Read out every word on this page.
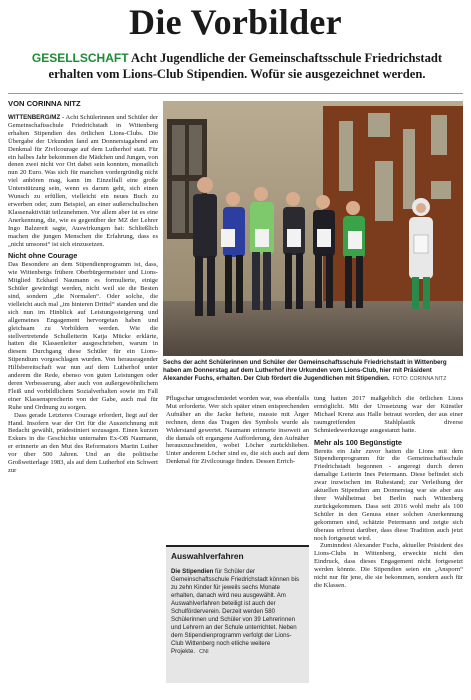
Die Vorbilder

GESELLSCHAFT Acht Jugendliche der Gemeinschaftsschule Friedrichstadt erhalten vom Lions-Club Stipendien. Wofür sie ausgezeichnet werden.

VON CORINNA NITZ

WITTENBERG/MZ - Acht Schülerinnen und Schüler der Gemeinschaftsschule Friedrichstadt in Wittenberg erhalten Stipendien des örtlichen Lions-Clubs. Die Übergabe der Urkunden fand am Donnerstagabend am Denkmal für Zivilcourage auf dem Lutherhof statt. Für ein halbes Jahr bekommen die Mädchen und Jungen, von denen zwei nicht vor Ort dabei sein konnten, monatlich nun 20 Euro. Was sich für manchen vordergründig nicht viel anhören mag, kann im Einzelfall eine große Unterstützung sein, wenn es darum geht, sich einen Wunsch zu erfüllen, vielleicht ein neues Buch zu erwerben oder, zum Beispiel, an einer außerschulischen Klassenaktivität teilzunehmen. Vor allem aber ist es eine Anerkennung, die, wie es gegenüber der MZ der Lehrer Ingo Balzereit sagte, Auswirkungen hat: Schließlich machen die jungen Menschen die Erfahrung, dass es „nicht umsonst“ ist sich einzusetzen.

Nicht ohne Courage

Das Besondere an dem Stipendienprogramm ist, dass, wie Wittenbergs frühere Oberbürgermeister und Lions-Mitglied Eckhard Naumann es formulierte, einige Schüler gewürdigt werden, nicht weil sie die Besten sind, sondern „die Normalen“. Oder solche, die vielleicht auch mal „im hinteren Drittel“ standen und die sich nun im Hinblick auf Leistungssteigerung und allgemeines Engagement hervorgetan haben und gleichsam zu Vorbildern werden. Wie die stellvertretende Schulleiterin Katja Mücke erklärte, hatten die Klassenleiter ausgeschrieben, warum in diesem Durchgang diese Schüler für ein Lions-Stipendium vorgeschlagen wurden. Von herausragender Hilfsbereitschaft war nun auf dem Lutherhof unter anderem die Rede, ebenso von guten Leistungen oder deren Verbesserung, aber auch von außergewöhnlichem Fleiß und vorbildlichem Sozialverhalten sowie im Fall einer Klassensprecherin von der Gabe, auch mal für Ruhe und Ordnung zu sorgen.

Dass gerade Letzteres Courage erfordert, liegt auf der Hand. Insofern war der Ort für die Auszeichnung mit Bedacht gewählt, prädestiniert sozusagen. Einen kurzen Exkurs in die Geschichte unternahm Ex-OB Naumann, er erinnerte an den Mut des Reformators Martin Luther vor über 500 Jahren. Und an die politische Großwetterlage 1983, als auf dem Lutherhof ein Schwert zur

Sechs der acht Schülerinnen und Schüler der Gemeinschaftsschule Friedrichstadt in Wittenberg haben am Donnerstag auf dem Lutherhof ihre Urkunden vom Lions-Club, hier mit Präsident Alexander Fuchs, erhalten. Der Club fördert die Jugendlichen mit Stipendien. FOTO: CORINNA NITZ

Pflugschar umgeschmiedet worden war, was ebenfalls Mut erforderte. Wer sich später einen entsprechenden Aufnäher an die Jacke heftete, musste mit Ärger rechnen, denn das Tragen des Symbols wurde als Widerstand gewertet. Naumann erinnerte insoweit an die damals oft ergangene Aufforderung, den Aufnäher herauszuschneiden, wobei Löcher zurückblieben. Unter anderem Löcher sind es, die sich auch auf dem Denkmal für Zivilcourage finden. Dessen Errich-

Auswahlverfahren
Die Stipendien für Schüler der Gemeinschaftsschule Friedrichstadt können bis zu zehn Kinder für jeweils sechs Monate erhalten, danach wird neu ausgewählt. Am Auswahlverfahren beteiligt ist auch der Schulförderverein. Derzeit werden 580 Schülerinnen und Schüler von 39 Lehrerinnen und Lehrern an der Schule unterrichtet. Neben dem Stipendienprogramm verfolgt der Lions-Club Wittenberg noch etliche weitere Projekte. CNI

tung hatten 2017 maßgeblich die örtlichen Lions ermöglicht. Mit der Umsetzung war der Künstler Michael Krenz aus Halle betraut worden, der aus einer raumgreifenden Stahlplastik diverse Schmiedewerkzeuge ausgestanzt hatte.

Mehr als 100 Begünstigte

Bereits ein Jahr zuvor hatten die Lions mit dem Stipendienprogramm für die Gemeinschaftsschule Friedrichstadt begonnen - angeregt durch deren damalige Leiterin Ines Petermann. Diese befindet sich zwar inzwischen im Ruhestand; zur Verleihung der aktuellen Stipendien am Donnerstag war sie aber aus ihrer Wahlheimat bei Berlin nach Wittenberg zurückgekommen. Dass seit 2016 wohl mehr als 100 Schüler in den Genuss einer solchen Anerkennung gekommen sind, schätzte Petermann und zeigte sich überaus erfreut darüber, dass diese Tradition auch jetzt noch fortgesetzt wird.

Zuminndest Alexander Fuchs, aktueller Präsident des Lions-Clubs in Wittenberg, erweckte nicht den Eindruck, dass dieses Engagement nicht fortgesetzt werden könnte. Die Stipendien seien ein „Ansporn“ nicht nur für jene, die sie bekommen, sondern auch für die Klassen.
